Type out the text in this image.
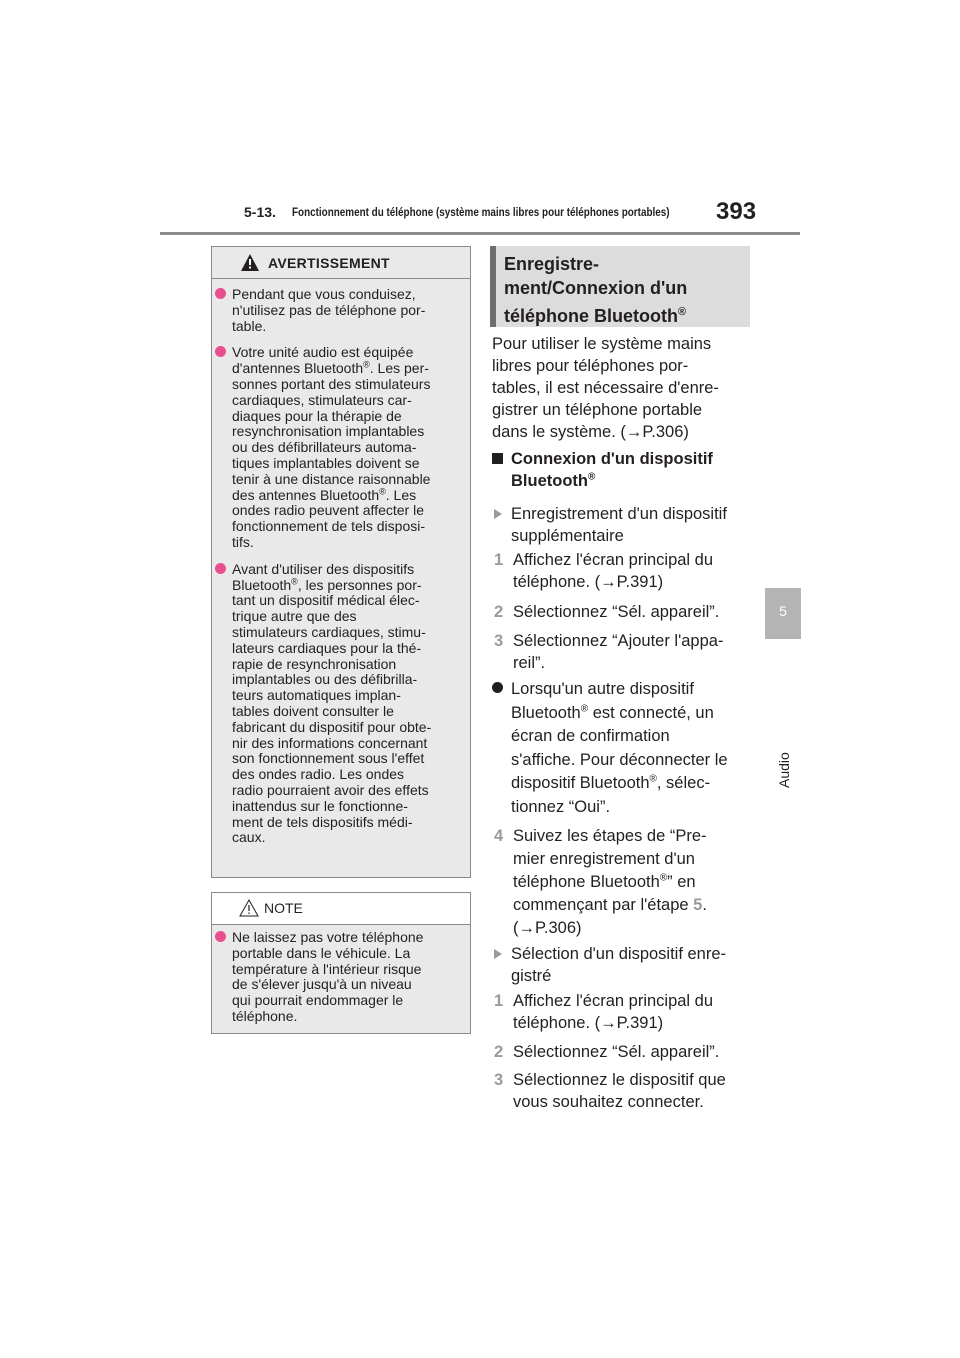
5-13. Fonctionnement du téléphone (système mains libres pour téléphones portables) 393
5
Audio
AVERTISSEMENT

Pendant que vous conduisez,
n'utilisez pas de téléphone por-
table.

Votre unité audio est équipée
d'antennes Bluetooth®. Les per-
sonnes portant des stimulateurs
cardiaques, stimulateurs car-
diaques pour la thérapie de
resynchronisation implantables
ou des défibrillateurs automa-
tiques implantables doivent se
tenir à une distance raisonnable
des antennes Bluetooth®. Les
ondes radio peuvent affecter le
fonctionnement de tels disposi-
tifs.

Avant d'utiliser des dispositifs
Bluetooth®, les personnes por-
tant un dispositif médical élec-
trique autre que des
stimulateurs cardiaques, stimu-
lateurs cardiaques pour la thé-
rapie de resynchronisation
implantables ou des défibrilla-
teurs automatiques implan-
tables doivent consulter le
fabricant du dispositif pour obte-
nir des informations concernant
son fonctionnement sous l'effet
des ondes radio. Les ondes
radio pourraient avoir des effets
inattendus sur le fonctionne-
ment de tels dispositifs médi-
caux.

NOTE

Ne laissez pas votre téléphone
portable dans le véhicule. La
température à l'intérieur risque
de s'élever jusqu'à un niveau
qui pourrait endommager le
téléphone.

Enregistre-
ment/Connexion d'un
téléphone Bluetooth®
Pour utiliser le système mains
libres pour téléphones por-
tables, il est nécessaire d'enre-
gistrer un téléphone portable
dans le système. (→P.306)
Connexion d'un dispositif
Bluetooth®
Enregistrement d'un dispositif
supplémentaire
1 Affichez l'écran principal du
téléphone. (→P.391)
2 Sélectionnez “Sél. appareil”.
3 Sélectionnez “Ajouter l'appa-
reil”.
Lorsqu'un autre dispositif
Bluetooth® est connecté, un
écran de confirmation
s'affiche. Pour déconnecter le
dispositif Bluetooth®, sélec-
tionnez “Oui”.
4 Suivez les étapes de “Pre-
mier enregistrement d'un
téléphone Bluetooth®” en
commençant par l'étape 5.
(→P.306)
Sélection d'un dispositif enre-
gistré
1 Affichez l'écran principal du
téléphone. (→P.391)
2 Sélectionnez “Sél. appareil”.
3 Sélectionnez le dispositif que
vous souhaitez connecter.
